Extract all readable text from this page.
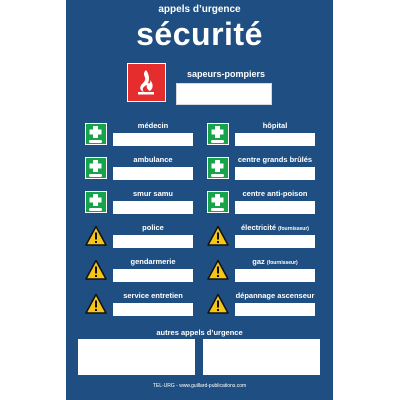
appels d’urgence
sécurité
sapeurs-pompiers
médecin	hôpital
ambulance	centre grands brûlés
smur samu	centre anti-poison
police	électricité (fournisseur)
gendarmerie	gaz (fournisseur)
service entretien	dépannage ascenseur
autres appels d’urgence
TEL-URG - www.guillard-publications.com
